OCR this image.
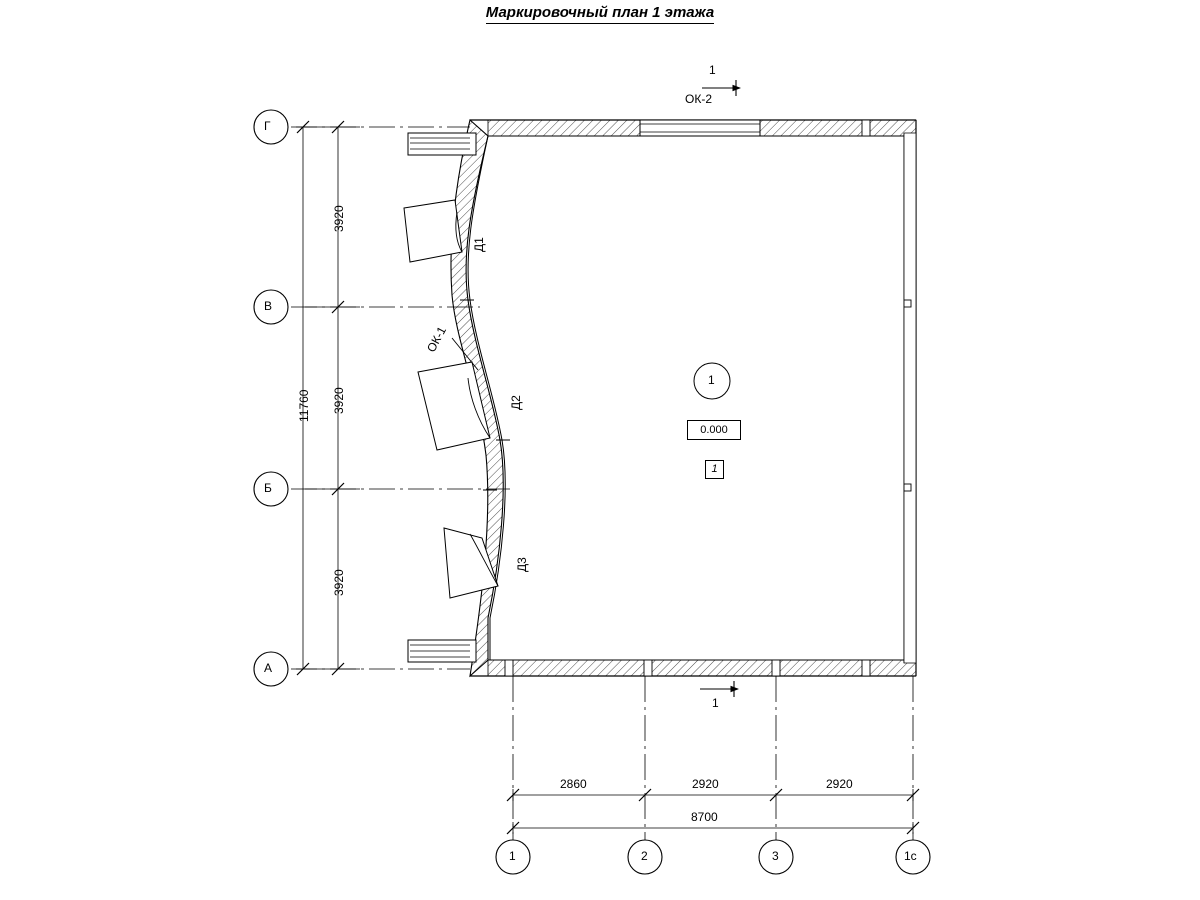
Маркировочный план 1 этажа
Г
В
Б
А
1	2	3	1с
3920
3920
3920
11760
2860	2920	2920
8700
ОК-2
ОК-1
Д1
Д2
Д3
1
1
1
0.000
1
